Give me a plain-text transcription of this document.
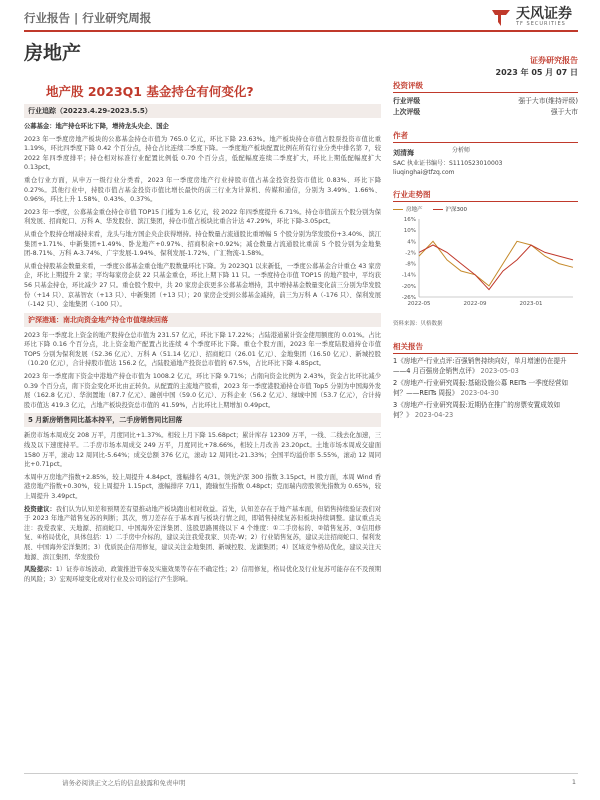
行业报告 | 行业研究周报	天风证券
TF SECURITIES
房地产	证券研究报告
2023 年 05 月 07 日
地产股 2023Q1 基金持仓有何变化?
行业追踪（20223.4.29-2023.5.5）
公募基金：地产持仓环比下降，增持龙头央企、国企

2023 年一季度房地产板块的公募基金持仓市值为 765.0 亿元，环比下降 23.63%。地产板块持仓市值占股票投资市值比重 1.19%，环比四季度下降 0.42 个百分点，持仓占比连续二季度下降。一季度地产板块配置比例在所有行业分类中排名第 7，较 2022 年四季度排平；持仓相对标准行业配置比例低 0.70 个百分点，低配幅度连续二季度扩大，环比上期低配幅度扩大 0.13pct。

重仓行业方面，从申万一级行业分类看，2023 年一季度房地产行业持股市值占基金投资投资市值比 0.83%、环比下降 0.27%。其他行业中，持股市值占基金投资市值比增长最快的前三行业为计算机、传媒和通信，分别为 3.49%、1.66%、0.96%，环比上升 1.58%、0.43%、0.37%。

2023 年一季度，公募基金重仓持仓市值 TOP15 门槛为 1.6 亿元，较 2022 年四季度提升 6.71%。持仓市值前五个股分别为保利发展、招商蛇口、万科 A、华发股份、滨江集团，持仓市值占板块比重合计达 47.29%，环比下降-3.05pct。

从重仓个股持仓增减持来看，龙头与地方国企央企获得增持。持仓数量占流通股比重增幅 5 个股分别为华发股份+3.40%、滨江集团+1.71%、中新集团+1.49%、卧龙地产+0.97%、招商积余+0.92%；减仓数量占流通股比重前 5 个股分别为金地集团-8.71%、万科 A-3.74%、广宇发展-1.94%、保利发展-1.72%、广汇物流-1.58%。

从重仓持股基金数量来看，一季度公募基金重仓地产股数量环比下降。为 2023Q1 以来新低，一季度公募基金合计重仓 43 家房企，环比上期提升 2 家；平均每家房企获 22 只基金重仓，环比上期下降 11 只。一季度持仓市值 TOP15 的地产股中，平均获 56 只基金持仓，环比减少 27 只。重仓股个股中，共 20 家房企获更多公募基金增持，其中增持基金数量变化前三分别为华发股份（+14 只）、京基智农（+13 只）、中新集团（+13 只）；20 家房企受到公募基金减持，前三为万科 A（-176 只）、保利发展（-142 只）、金地集团（-100 只）。

沪深港通：南北向资金地产持仓市值继续回落

2023 年一季度北上资金的地产股持仓总市值为 231.57 亿元，环比下降 17.22%；占陆港通累计资金使用额度的 0.01%。占比环比下降 0.16 个百分点，北上资金地产配置占比连续 4 个季度环比下降。重仓个股方面，2023 年一季度陆股通持仓市值 TOP5 分别为保利发展（52.36 亿元）、万科 A（51.14 亿元）、招商蛇口（26.01 亿元）、金地集团（16.50 亿元）、新城控股（10.20 亿元），合计持股市值达 156.2 亿，占陆股通地产投资总市值的 67.5%，占比环比下降 4.85pct。

2023 年一季度南下资金中港地产持仓市值为 1008.2 亿元，环比下降 9.71%；占南向资金比例为 2.43%，资金占比环比减少 0.39 个百分点，南下资金变化环比由正转负。从配置的主流地产股看，2023 年一季度港股通持仓市值 Top5 分别为中国海外发展（162.8 亿元）、华润置地（87.7 亿元）、融创中国（59.0 亿元）、万科企业（56.2 亿元）、绿城中国（53.7 亿元），合计持股市值达 419.3 亿元，占地产板块投资总市值的 41.59%，占比环比上期增加 0.49pct。

5 月新房销售同比基本持平，二手房销售同比回落

新房市场本周成交 208 万平，月度同比+1.37%。相较上月下降 15.68pct；累计库存 12309 万平，一线、二线去化加速，三线及以下速度持平。二手房市场本周成交 249 万平，月度同比+78.66%，相较上月改善 23.20pct。土地市场本周成交建面 1580 万平，滚动 12 周同比-5.64%；成交总额 376 亿元，滚动 12 周同比-21.33%；全国平均溢价率 5.55%，滚动 12 周同比+0.71pct。

本周申万房地产指数+2.85%，较上周提升 4.84pct，涨幅排名 4/31。领先沪深 300 指数 3.15pct。H 股方面，本周 Wind 香港房地产指数+0.30%，较上周提升 1.15pct，涨幅排序 7/11，跑输恒生指数 0.48pct；克而瑞内房股领先指数为 0.65%，较上周提升 3.49pct。

投资建议：我们认为认知差和预期差有望推动地产板块跑出相对收益。首先，认知差存在于地产基本面，但销售持续验证我们对于 2023 年地产销售复苏的判断；其次，剪刀差存在于基本面与板块行情之间，即销售持续复苏但板块持续调整。建议重点关注：我爱我家、天地源、招商蛇口、中国海外宏洋集团、选股思路围绕以下 4 个维度：①二手房标的、②销售复苏、③信用修复、④格局优化，具体包括：1）二手房中介标的，建议关注我爱我家、贝壳-W；2）行业销售复苏，建议关注招商蛇口、保利发展、中国海外宏洋集团；3）优质民企信用修复，建议关注金地集团、新城控股、龙湖集团；4）区域竞争格局优化，建议关注天地源、滨江集团、华发股份

风险提示：1）证券市场波动、政策推进节奏及实施效果等存在不确定性；2）信用修复，格局优化及行业复苏可能存在不及预期的风险；3）宏观环境变化或对行业及公司的运行产生影响。

投资评级
行业评级	强于大市(维持评级)
上次评级	强于大市
作者
刘清海	分析师
SAC 执业证书编号：S1110523010003
liuqinghai@tfzq.com
行业走势图
房地产	沪深300
16%
10%
4%
-2%
-8%
-14%
-20%
-26%
2022-05	2022-09	2023-01
资料来源：贝格数据
相关报告
1《房地产-行业点评:百强销售持续向好，单月增速仍在提升——4 月百强房企销售点评》 2023-05-03
2《房地产-行业研究周报:基础设施公募 REITs 一季度经营如何？——REITs 周报》 2023-04-30
3《房地产-行业研究周报:近期仍在推广的房票安置成效如何？》 2023-04-23
请务必阅读正文之后的信息披露和免责申明	1
